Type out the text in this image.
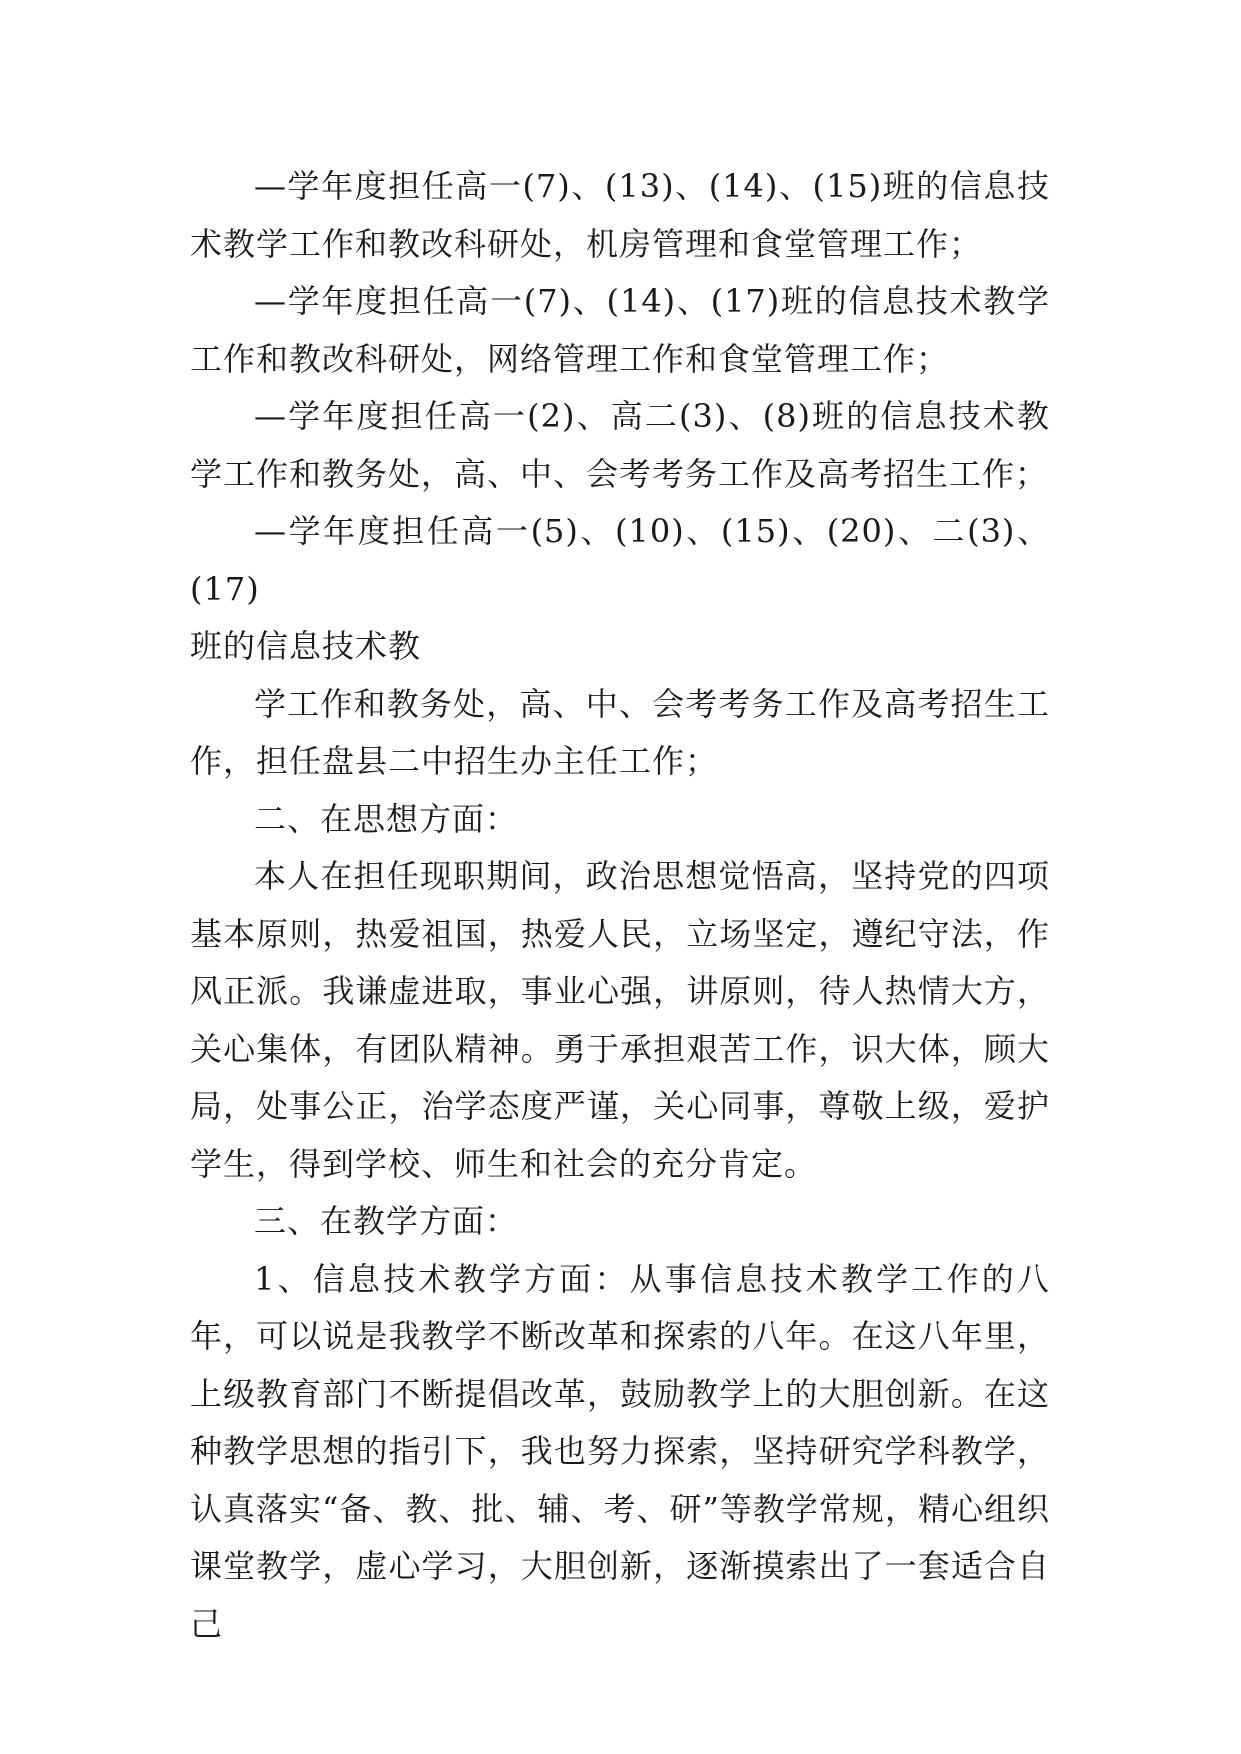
—学年度担任高一(7)、(13)、(14)、(15)班的信息技术教学工作和教改科研处，机房管理和食堂管理工作；

—学年度担任高一(7)、(14)、(17)班的信息技术教学工作和教改科研处，网络管理工作和食堂管理工作；

—学年度担任高一(2)、高二(3)、(8)班的信息技术教学工作和教务处，高、中、会考考务工作及高考招生工作；

—学年度担任高一(5)、(10)、(15)、(20)、二(3)、(17)

班的信息技术教

学工作和教务处，高、中、会考考务工作及高考招生工作，担任盘县二中招生办主任工作；

二、在思想方面：

本人在担任现职期间，政治思想觉悟高，坚持党的四项基本原则，热爱祖国，热爱人民，立场坚定，遵纪守法，作风正派。我谦虚进取，事业心强，讲原则，待人热情大方，关心集体，有团队精神。勇于承担艰苦工作，识大体，顾大局，处事公正，治学态度严谨，关心同事，尊敬上级，爱护学生，得到学校、师生和社会的充分肯定。

三、在教学方面：

1、信息技术教学方面：从事信息技术教学工作的八年，可以说是我教学不断改革和探索的八年。在这八年里，上级教育部门不断提倡改革，鼓励教学上的大胆创新。在这种教学思想的指引下，我也努力探索，坚持研究学科教学，认真落实“备、教、批、辅、考、研”等教学常规，精心组织课堂教学，虚心学习，大胆创新，逐渐摸索出了一套适合自己
